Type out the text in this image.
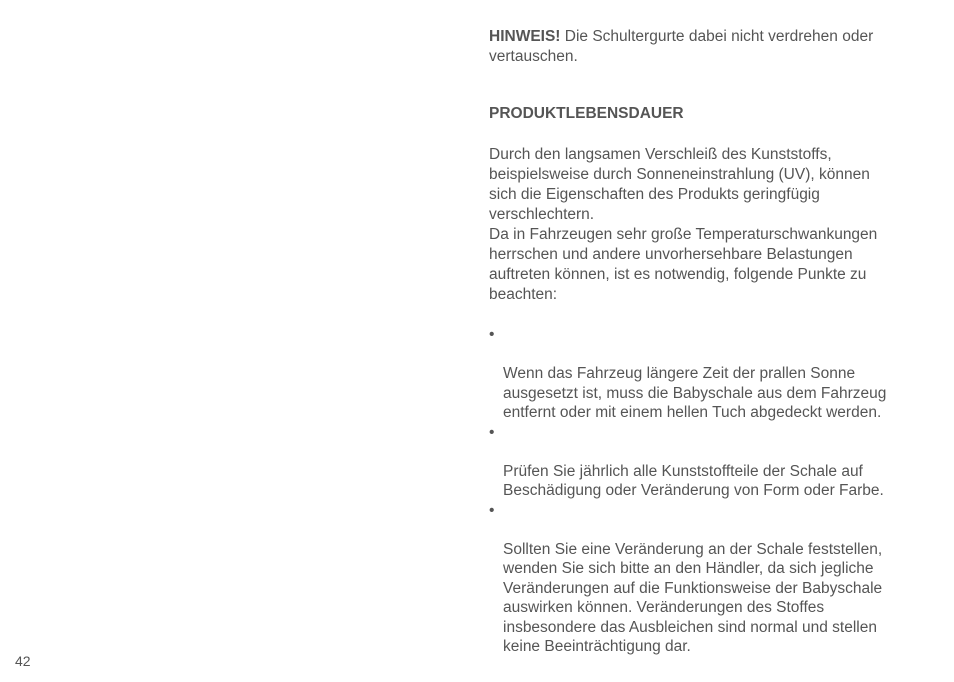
42

HINWEIS! Die Schultergurte dabei nicht verdrehen oder
vertauschen.

PRODUKTLEBENSDAUER

Durch den langsamen Verschleiß des Kunststoffs,
beispielsweise durch Sonneneinstrahlung (UV), können
sich die Eigenschaften des Produkts geringfügig
verschlechtern.

Da in Fahrzeugen sehr große Temperaturschwankungen
herrschen und andere unvorhersehbare Belastungen
auftreten können, ist es notwendig, folgende Punkte zu
beachten:

•

Wenn das Fahrzeug längere Zeit der prallen Sonne
ausgesetzt ist, muss die Babyschale aus dem Fahrzeug
entfernt oder mit einem hellen Tuch abgedeckt werden.

•

Prüfen Sie jährlich alle Kunststoffteile der Schale auf
Beschädigung oder Veränderung von Form oder Farbe.

•

Sollten Sie eine Veränderung an der Schale feststellen,
wenden Sie sich bitte an den Händler, da sich jegliche
Veränderungen auf die Funktionsweise der Babyschale
auswirken können. Veränderungen des Stoffes
insbesondere das Ausbleichen sind normal und stellen
keine Beeinträchtigung dar.
